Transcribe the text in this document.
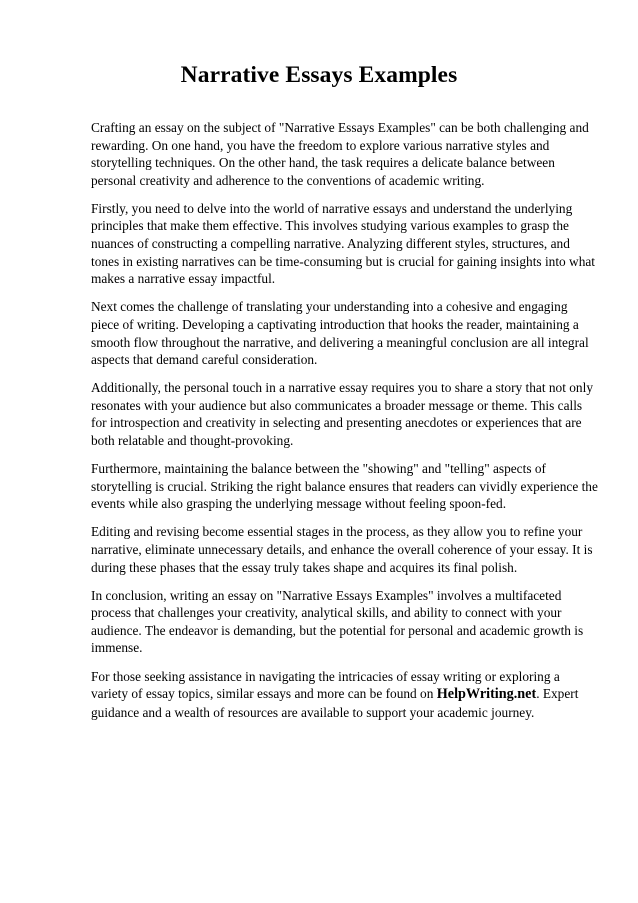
Narrative Essays Examples

Crafting an essay on the subject of "Narrative Essays Examples" can be both challenging and rewarding. On one hand, you have the freedom to explore various narrative styles and storytelling techniques. On the other hand, the task requires a delicate balance between personal creativity and adherence to the conventions of academic writing.

Firstly, you need to delve into the world of narrative essays and understand the underlying principles that make them effective. This involves studying various examples to grasp the nuances of constructing a compelling narrative. Analyzing different styles, structures, and tones in existing narratives can be time-consuming but is crucial for gaining insights into what makes a narrative essay impactful.

Next comes the challenge of translating your understanding into a cohesive and engaging piece of writing. Developing a captivating introduction that hooks the reader, maintaining a smooth flow throughout the narrative, and delivering a meaningful conclusion are all integral aspects that demand careful consideration.

Additionally, the personal touch in a narrative essay requires you to share a story that not only resonates with your audience but also communicates a broader message or theme. This calls for introspection and creativity in selecting and presenting anecdotes or experiences that are both relatable and thought-provoking.

Furthermore, maintaining the balance between the "showing" and "telling" aspects of storytelling is crucial. Striking the right balance ensures that readers can vividly experience the events while also grasping the underlying message without feeling spoon-fed.

Editing and revising become essential stages in the process, as they allow you to refine your narrative, eliminate unnecessary details, and enhance the overall coherence of your essay. It is during these phases that the essay truly takes shape and acquires its final polish.

In conclusion, writing an essay on "Narrative Essays Examples" involves a multifaceted process that challenges your creativity, analytical skills, and ability to connect with your audience. The endeavor is demanding, but the potential for personal and academic growth is immense.

For those seeking assistance in navigating the intricacies of essay writing or exploring a variety of essay topics, similar essays and more can be found on HelpWriting.net. Expert guidance and a wealth of resources are available to support your academic journey.
